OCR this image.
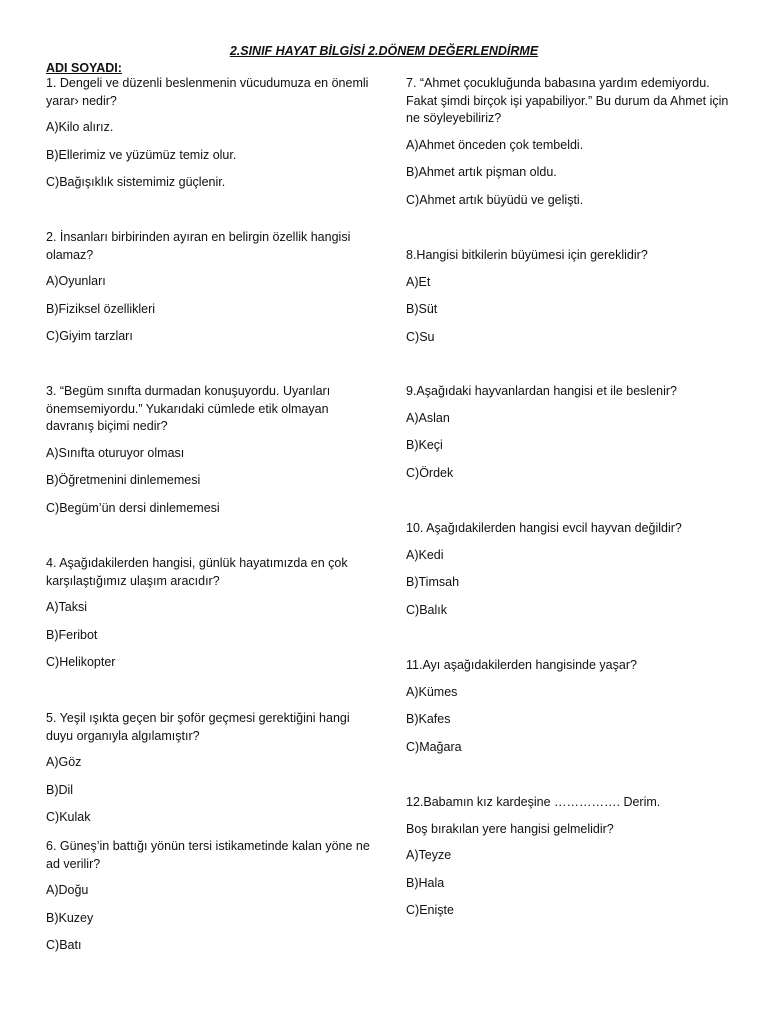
2.SINIF HAYAT BİLGİSİ 2.DÖNEM DEĞERLENDİRME
ADI SOYADI:

1. Dengeli ve düzenli beslenmenin vücudumuza en önemli yarar› nedir?

A)Kilo alırız.

B)Ellerimiz ve yüzümüz temiz olur.

C)Bağışıklık sistemimiz güçlenir.

2. İnsanları birbirinden ayıran en belirgin özellik hangisi olamaz?

A)Oyunları

B)Fiziksel özellikleri

C)Giyim tarzları

3. “Begüm sınıfta durmadan konuşuyordu. Uyarıları önemsemiyordu.” Yukarıdaki cümlede etik olmayan davranış biçimi nedir?

A)Sınıfta oturuyor olması

B)Öğretmenini dinlememesi

C)Begüm’ün dersi dinlememesi

4. Aşağıdakilerden hangisi, günlük hayatımızda en çok karşılaştığımız ulaşım aracıdır?

A)Taksi

B)Feribot

C)Helikopter

5. Yeşil ışıkta geçen bir şoför geçmesi gerektiğini hangi duyu organıyla algılamıştır?

A)Göz

B)Dil

C)Kulak

6. Güneş’in battığı yönün tersi istikametinde kalan yöne ne ad verilir?

A)Doğu

B)Kuzey

C)Batı

7. “Ahmet çocukluğunda babasına yardım edemiyordu. Fakat şimdi birçok işi yapabiliyor.” Bu durum da Ahmet için ne söyleyebiliriz?

A)Ahmet önceden çok tembeldi.

B)Ahmet artık pişman oldu.

C)Ahmet artık büyüdü ve gelişti.

8.Hangisi bitkilerin büyümesi için gereklidir?

A)Et

B)Süt

C)Su

9.Aşağıdaki hayvanlardan hangisi et ile beslenir?

A)Aslan

B)Keçi

C)Ördek

10. Aşağıdakilerden hangisi evcil hayvan değildir?

A)Kedi

B)Timsah

C)Balık

11.Ayı aşağıdakilerden hangisinde yaşar?

A)Kümes

B)Kafes

C)Mağara

12.Babamın kız kardeşine ……………. Derim.

Boş bırakılan yere hangisi gelmelidir?

A)Teyze

B)Hala

C)Enişte
